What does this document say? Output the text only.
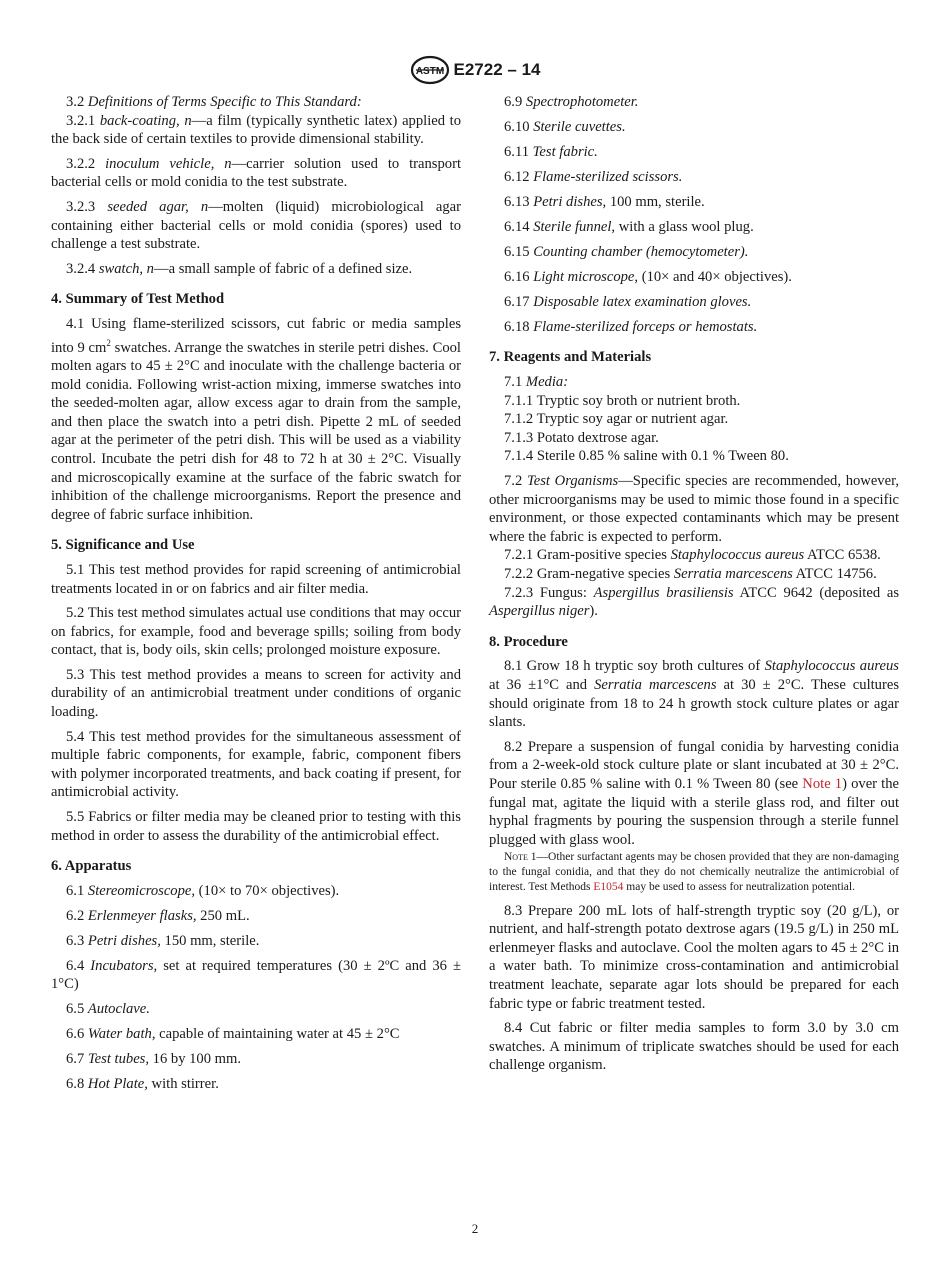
ASTM E2722 – 14

3.2 Definitions of Terms Specific to This Standard:

3.2.1 back-coating, n—a film (typically synthetic latex) applied to the back side of certain textiles to provide dimensional stability.

3.2.2 inoculum vehicle, n—carrier solution used to transport bacterial cells or mold conidia to the test substrate.

3.2.3 seeded agar, n—molten (liquid) microbiological agar containing either bacterial cells or mold conidia (spores) used to challenge a test substrate.

3.2.4 swatch, n—a small sample of fabric of a defined size.

4. Summary of Test Method

4.1 Using flame-sterilized scissors, cut fabric or media samples into 9 $cm^2$ swatches. Arrange the swatches in sterile petri dishes. Cool molten agars to 45 ± 2°C and inoculate with the challenge bacteria or mold conidia. Following wrist-action mixing, immerse swatches into the seeded-molten agar, allow excess agar to drain from the sample, and then place the swatch into a petri dish. Pipette 2 mL of seeded agar at the perimeter of the petri dish. This will be used as a viability control. Incubate the petri dish for 48 to 72 h at 30 ± 2°C. Visually and microscopically examine at the surface of the fabric swatch for inhibition of the challenge microorganisms. Report the presence and degree of fabric surface inhibition.

5. Significance and Use

5.1 This test method provides for rapid screening of antimicrobial treatments located in or on fabrics and air filter media.

5.2 This test method simulates actual use conditions that may occur on fabrics, for example, food and beverage spills; soiling from body contact, that is, body oils, skin cells; prolonged moisture exposure.

5.3 This test method provides a means to screen for activity and durability of an antimicrobial treatment under conditions of organic loading.

5.4 This test method provides for the simultaneous assessment of multiple fabric components, for example, fabric, component fibers with polymer incorporated treatments, and back coating if present, for antimicrobial activity.

5.5 Fabrics or filter media may be cleaned prior to testing with this method in order to assess the durability of the antimicrobial effect.

6. Apparatus
6.1 Stereomicroscope, (10× to 70× objectives).
6.2 Erlenmeyer flasks, 250 mL.
6.3 Petri dishes, 150 mm, sterile.

6.4 Incubators, set at required temperatures (30 ± 2ºC and 36 ± 1°C)

6.5 Autoclave.
6.6 Water bath, capable of maintaining water at 45 ± 2°C
6.7 Test tubes, 16 by 100 mm.
6.8 Hot Plate, with stirrer.
6.9 Spectrophotometer.
6.10 Sterile cuvettes.
6.11 Test fabric.
6.12 Flame-sterilized scissors.
6.13 Petri dishes, 100 mm, sterile.
6.14 Sterile funnel, with a glass wool plug.
6.15 Counting chamber (hemocytometer).
6.16 Light microscope, (10× and 40× objectives).
6.17 Disposable latex examination gloves.
6.18 Flame-sterilized forceps or hemostats.
7. Reagents and Materials
7.1 Media:
7.1.1 Tryptic soy broth or nutrient broth.
7.1.2 Tryptic soy agar or nutrient agar.
7.1.3 Potato dextrose agar.
7.1.4 Sterile 0.85 % saline with 0.1 % Tween 80.

7.2 Test Organisms—Specific species are recommended, however, other microorganisms may be used to mimic those found in a specific environment, or those expected contaminants which may be present where the fabric is expected to perform.

7.2.1 Gram-positive species Staphylococcus aureus ATCC 6538.

7.2.2 Gram-negative species Serratia marcescens ATCC 14756.

7.2.3 Fungus: Aspergillus brasiliensis ATCC 9642 (deposited as Aspergillus niger).

8. Procedure

8.1 Grow 18 h tryptic soy broth cultures of Staphylococcus aureus at 36 ±1°C and Serratia marcescens at 30 ± 2°C. These cultures should originate from 18 to 24 h growth stock culture plates or agar slants.

8.2 Prepare a suspension of fungal conidia by harvesting conidia from a 2-week-old stock culture plate or slant incubated at 30 ± 2°C. Pour sterile 0.85 % saline with 0.1 % Tween 80 (see Note 1) over the fungal mat, agitate the liquid with a sterile glass rod, and filter out hyphal fragments by pouring the suspension through a sterile funnel plugged with glass wool.

Note 1—Other surfactant agents may be chosen provided that they are non-damaging to the fungal conidia, and that they do not chemically neutralize the antimicrobial of interest. Test Methods E1054 may be used to assess for neutralization potential.

8.3 Prepare 200 mL lots of half-strength tryptic soy (20 g/L), or nutrient, and half-strength potato dextrose agars (19.5 g/L) in 250 mL erlenmeyer flasks and autoclave. Cool the molten agars to 45 ± 2°C in a water bath. To minimize cross-contamination and antimicrobial treatment leachate, separate agar lots should be prepared for each fabric type or fabric treatment tested.

8.4 Cut fabric or filter media samples to form 3.0 by 3.0 cm swatches. A minimum of triplicate swatches should be used for each challenge organism.

2
